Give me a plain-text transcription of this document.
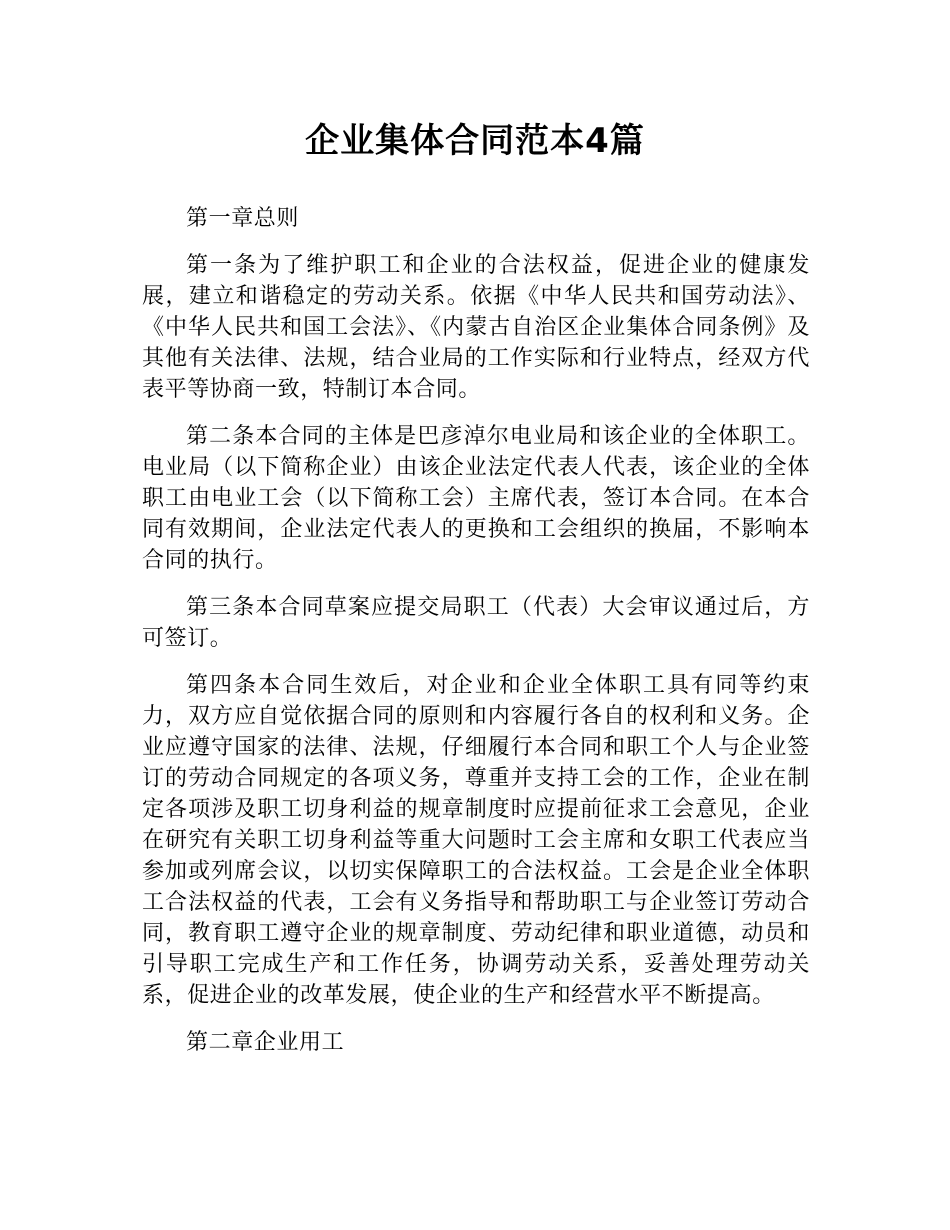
企业集体合同范本4篇

第一章总则

第一条为了维护职工和企业的合法权益，促进企业的健康发展，建立和谐稳定的劳动关系。依据《中华人民共和国劳动法》、《中华人民共和国工会法》、《内蒙古自治区企业集体合同条例》及其他有关法律、法规，结合业局的工作实际和行业特点，经双方代表平等协商一致，特制订本合同。

第二条本合同的主体是巴彦淖尔电业局和该企业的全体职工。电业局（以下简称企业）由该企业法定代表人代表，该企业的全体职工由电业工会（以下简称工会）主席代表，签订本合同。在本合同有效期间，企业法定代表人的更换和工会组织的换届，不影响本合同的执行。

第三条本合同草案应提交局职工（代表）大会审议通过后，方可签订。

第四条本合同生效后，对企业和企业全体职工具有同等约束力，双方应自觉依据合同的原则和内容履行各自的权利和义务。企业应遵守国家的法律、法规，仔细履行本合同和职工个人与企业签订的劳动合同规定的各项义务，尊重并支持工会的工作，企业在制定各项涉及职工切身利益的规章制度时应提前征求工会意见，企业在研究有关职工切身利益等重大问题时工会主席和女职工代表应当参加或列席会议，以切实保障职工的合法权益。工会是企业全体职工合法权益的代表，工会有义务指导和帮助职工与企业签订劳动合同，教育职工遵守企业的规章制度、劳动纪律和职业道德，动员和引导职工完成生产和工作任务，协调劳动关系，妥善处理劳动关系，促进企业的改革发展，使企业的生产和经营水平不断提高。

第二章企业用工
